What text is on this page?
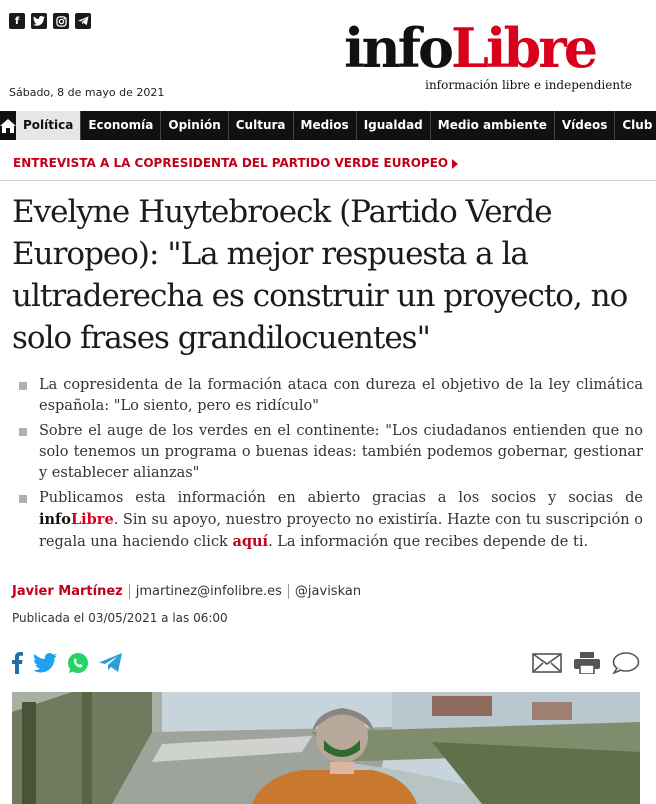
f	infoLibre
información libre e independiente
Sábado, 8 de mayo de 2021
Política	Economía	Opinión	Cultura	Medios	Igualdad	Medio ambiente	Vídeos	Club
ENTREVISTA A LA COPRESIDENTA DEL PARTIDO VERDE EUROPEO
Evelyne Huytebroeck (Partido Verde Europeo): "La mejor respuesta a la ultraderecha es construir un proyecto, no solo frases grandilocuentes"
La copresidenta de la formación ataca con dureza el objetivo de la ley climática española: "Lo siento, pero es ridículo"
Sobre el auge de los verdes en el continente: "Los ciudadanos entienden que no solo tenemos un programa o buenas ideas: también podemos gobernar, gestionar y establecer alianzas"
Publicamos esta información en abierto gracias a los socios y socias de infoLibre. Sin su apoyo, nuestro proyecto no existiría. Hazte con tu suscripción o regala una haciendo click aquí. La información que recibes depende de ti.
Javier Martínez jmartinez@infolibre.es @javiskan
Publicada el 03/05/2021 a las 06:00
